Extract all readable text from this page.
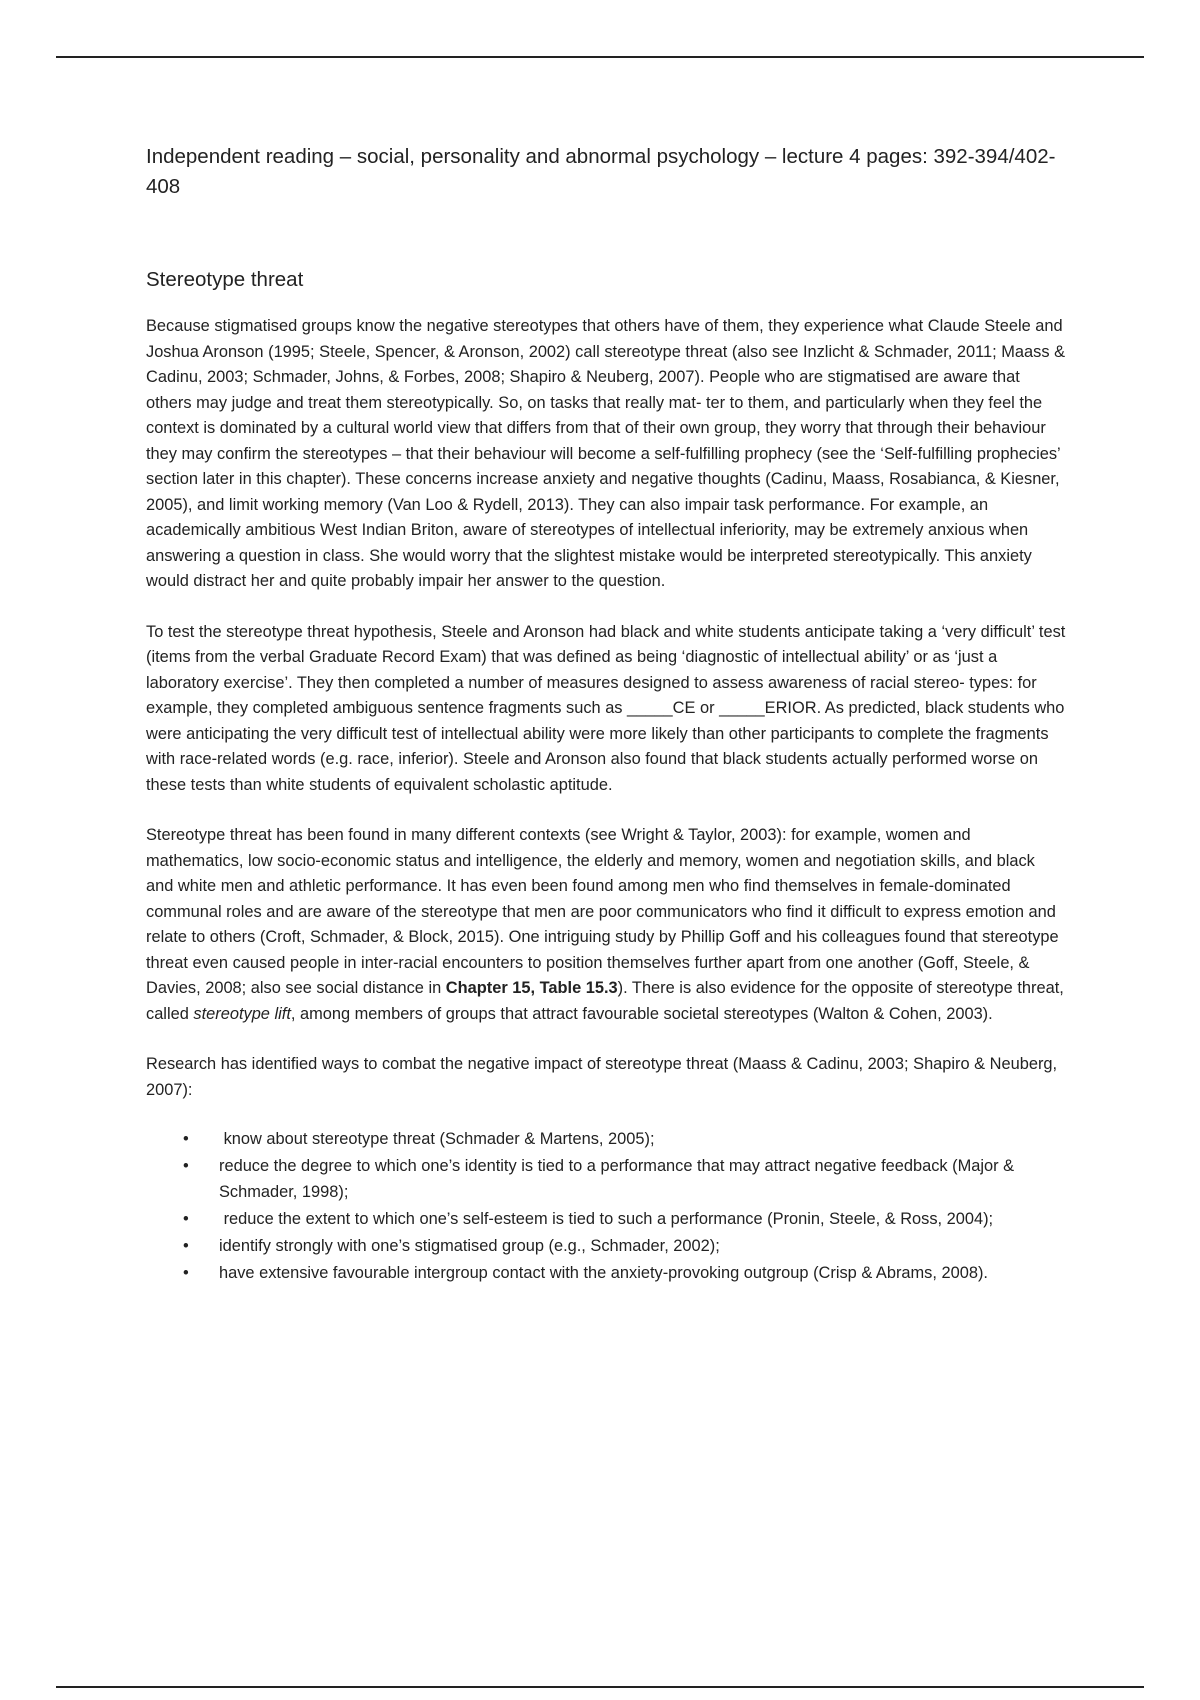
Independent reading – social, personality and abnormal psychology – lecture 4 pages: 392-394/402-408
Stereotype threat

Because stigmatised groups know the negative stereotypes that others have of them, they experience what Claude Steele and Joshua Aronson (1995; Steele, Spencer, & Aronson, 2002) call stereotype threat (also see Inzlicht & Schmader, 2011; Maass & Cadinu, 2003; Schmader, Johns, & Forbes, 2008; Shapiro & Neuberg, 2007). People who are stigmatised are aware that others may judge and treat them stereotypically. So, on tasks that really mat- ter to them, and particularly when they feel the context is dominated by a cultural world view that differs from that of their own group, they worry that through their behaviour they may confirm the stereotypes – that their behaviour will become a self-fulfilling prophecy (see the ‘Self-fulfilling prophecies’ section later in this chapter). These concerns increase anxiety and negative thoughts (Cadinu, Maass, Rosabianca, & Kiesner, 2005), and limit working memory (Van Loo & Rydell, 2013). They can also impair task performance. For example, an academically ambitious West Indian Briton, aware of stereotypes of intellectual inferiority, may be extremely anxious when answering a question in class. She would worry that the slightest mistake would be interpreted stereotypically. This anxiety would distract her and quite probably impair her answer to the question.

To test the stereotype threat hypothesis, Steele and Aronson had black and white students anticipate taking a ‘very difficult’ test (items from the verbal Graduate Record Exam) that was defined as being ‘diagnostic of intellectual ability’ or as ‘just a laboratory exercise’. They then completed a number of measures designed to assess awareness of racial stereo- types: for example, they completed ambiguous sentence fragments such as _____CE or _____ERIOR. As predicted, black students who were anticipating the very difficult test of intellectual ability were more likely than other participants to complete the fragments with race-related words (e.g. race, inferior). Steele and Aronson also found that black students actually performed worse on these tests than white students of equivalent scholastic aptitude.

Stereotype threat has been found in many different contexts (see Wright & Taylor, 2003): for example, women and mathematics, low socio-economic status and intelligence, the elderly and memory, women and negotiation skills, and black and white men and athletic performance. It has even been found among men who find themselves in female-dominated communal roles and are aware of the stereotype that men are poor communicators who find it difficult to express emotion and relate to others (Croft, Schmader, & Block, 2015). One intriguing study by Phillip Goff and his colleagues found that stereotype threat even caused people in inter-racial encounters to position themselves further apart from one another (Goff, Steele, & Davies, 2008; also see social distance in Chapter 15, Table 15.3). There is also evidence for the opposite of stereotype threat, called stereotype lift, among members of groups that attract favourable societal stereotypes (Walton & Cohen, 2003).

Research has identified ways to combat the negative impact of stereotype threat (Maass & Cadinu, 2003; Shapiro & Neuberg, 2007):

• know about stereotype threat (Schmader & Martens, 2005);
• reduce the degree to which one’s identity is tied to a performance that may attract negative feedback (Major & Schmader, 1998);
• reduce the extent to which one’s self-esteem is tied to such a performance (Pronin, Steele, & Ross, 2004);
• identify strongly with one’s stigmatised group (e.g., Schmader, 2002);
• have extensive favourable intergroup contact with the anxiety-provoking outgroup (Crisp & Abrams, 2008).
